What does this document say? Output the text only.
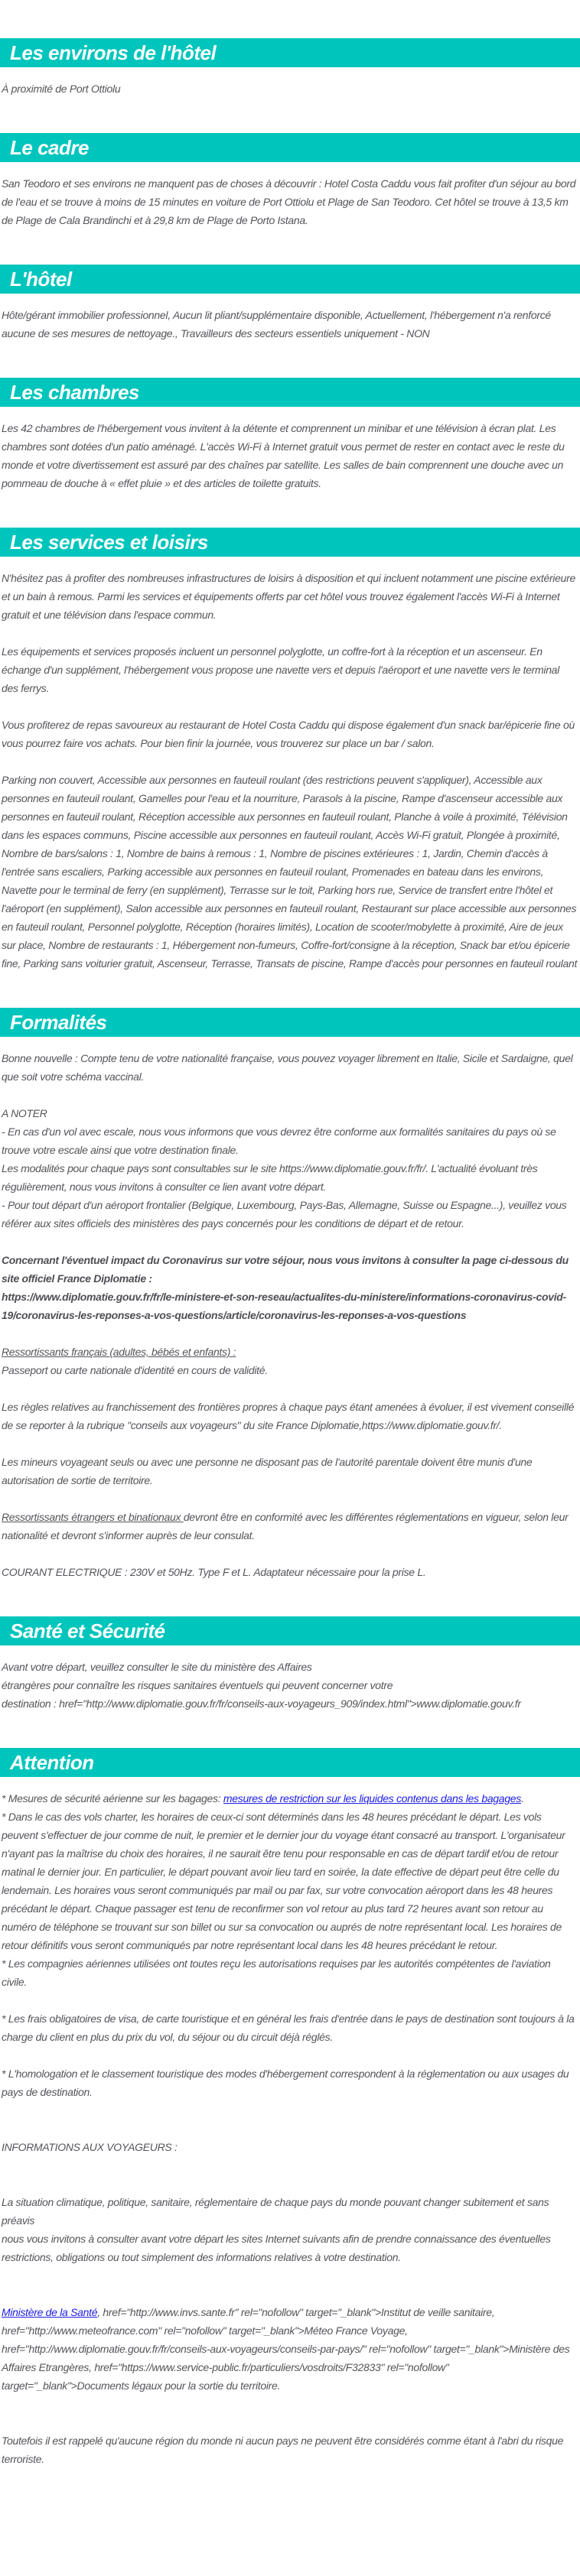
Les environs de l'hôtel

À proximité de Port Ottiolu

Le cadre

San Teodoro et ses environs ne manquent pas de choses à découvrir : Hotel Costa Caddu vous fait profiter d'un séjour au bord de l'eau et se trouve à moins de 15 minutes en voiture de Port Ottiolu et Plage de San Teodoro. Cet hôtel se trouve à 13,5 km de Plage de Cala Brandinchi et à 29,8 km de Plage de Porto Istana.

L'hôtel

Hôte/gérant immobilier professionnel, Aucun lit pliant/supplémentaire disponible, Actuellement, l'hébergement n'a renforcé aucune de ses mesures de nettoyage., Travailleurs des secteurs essentiels uniquement - NON

Les chambres

Les 42 chambres de l'hébergement vous invitent à la détente et comprennent un minibar et une télévision à écran plat. Les chambres sont dotées d'un patio aménagé. L'accès Wi-Fi à Internet gratuit vous permet de rester en contact avec le reste du monde et votre divertissement est assuré par des chaînes par satellite. Les salles de bain comprennent une douche avec un pommeau de douche à « effet pluie » et des articles de toilette gratuits.

Les services et loisirs

N'hésitez pas à profiter des nombreuses infrastructures de loisirs à disposition et qui incluent notamment une piscine extérieure et un bain à remous. Parmi les services et équipements offerts par cet hôtel vous trouvez également l'accès Wi-Fi à Internet gratuit et une télévision dans l'espace commun.

Les équipements et services proposés incluent un personnel polyglotte, un coffre-fort à la réception et un ascenseur. En échange d'un supplément, l'hébergement vous propose une navette vers et depuis l'aéroport et une navette vers le terminal des ferrys.

Vous profiterez de repas savoureux au restaurant de Hotel Costa Caddu qui dispose également d'un snack bar/épicerie fine où vous pourrez faire vos achats. Pour bien finir la journée, vous trouverez sur place un bar / salon.

Parking non couvert, Accessible aux personnes en fauteuil roulant (des restrictions peuvent s'appliquer), Accessible aux personnes en fauteuil roulant, Gamelles pour l'eau et la nourriture, Parasols à la piscine, Rampe d'ascenseur accessible aux personnes en fauteuil roulant, Réception accessible aux personnes en fauteuil roulant, Planche à voile à proximité, Télévision dans les espaces communs, Piscine accessible aux personnes en fauteuil roulant, Accès Wi-Fi gratuit, Plongée à proximité, Nombre de bars/salons : 1, Nombre de bains à remous : 1, Nombre de piscines extérieures : 1, Jardin, Chemin d'accès à l'entrée sans escaliers, Parking accessible aux personnes en fauteuil roulant, Promenades en bateau dans les environs, Navette pour le terminal de ferry (en supplément), Terrasse sur le toit, Parking hors rue, Service de transfert entre l'hôtel et l'aéroport (en supplément), Salon accessible aux personnes en fauteuil roulant, Restaurant sur place accessible aux personnes en fauteuil roulant, Personnel polyglotte, Réception (horaires limités), Location de scooter/mobylette à proximité, Aire de jeux sur place, Nombre de restaurants : 1, Hébergement non-fumeurs, Coffre-fort/consigne à la réception, Snack bar et/ou épicerie fine, Parking sans voiturier gratuit, Ascenseur, Terrasse, Transats de piscine, Rampe d'accès pour personnes en fauteuil roulant

Formalités

Bonne nouvelle : Compte tenu de votre nationalité française, vous pouvez voyager librement en Italie, Sicile et Sardaigne, quel que soit votre schéma vaccinal.

A NOTER
- En cas d'un vol avec escale, nous vous informons que vous devrez être conforme aux formalités sanitaires du pays où se trouve votre escale ainsi que votre destination finale.
Les modalités pour chaque pays sont consultables sur le site https://www.diplomatie.gouv.fr/fr/. L'actualité évoluant très régulièrement, nous vous invitons à consulter ce lien avant votre départ.
- Pour tout départ d'un aéroport frontalier (Belgique, Luxembourg, Pays-Bas, Allemagne, Suisse ou Espagne...), veuillez vous référer aux sites officiels des ministères des pays concernés pour les conditions de départ et de retour.

Concernant l'éventuel impact du Coronavirus sur votre séjour, nous vous invitons à consulter la page ci-dessous du site officiel France Diplomatie :
https://www.diplomatie.gouv.fr/fr/le-ministere-et-son-reseau/actualites-du-ministere/informations-coronavirus-covid-19/coronavirus-les-reponses-a-vos-questions/article/coronavirus-les-reponses-a-vos-questions

Ressortissants français (adultes, bébés et enfants) :
Passeport ou carte nationale d'identité en cours de validité.

Les règles relatives au franchissement des frontières propres à chaque pays étant amenées à évoluer, il est vivement conseillé de se reporter à la rubrique "conseils aux voyageurs" du site France Diplomatie,https://www.diplomatie.gouv.fr/.

Les mineurs voyageant seuls ou avec une personne ne disposant pas de l'autorité parentale doivent être munis d'une autorisation de sortie de territoire.

Ressortissants étrangers et binationaux devront être en conformité avec les différentes réglementations en vigueur, selon leur nationalité et devront s'informer auprès de leur consulat.

COURANT ELECTRIQUE : 230V et 50Hz. Type F et L. Adaptateur nécessaire pour la prise L.

Santé et Sécurité

Avant votre départ, veuillez consulter le site du ministère des Affaires
étrangères pour connaître les risques sanitaires éventuels qui peuvent concerner votre
destination : href="http://www.diplomatie.gouv.fr/fr/conseils-aux-voyageurs_909/index.html">www.diplomatie.gouv.fr

Attention

* Mesures de sécurité aérienne sur les bagages: mesures de restriction sur les liquides contenus dans les bagages.
* Dans le cas des vols charter, les horaires de ceux-ci sont déterminés dans les 48 heures précédant le départ. Les vols peuvent s'effectuer de jour comme de nuit, le premier et le dernier jour du voyage étant consacré au transport. L'organisateur n'ayant pas la maîtrise du choix des horaires, il ne saurait être tenu pour responsable en cas de départ tardif et/ou de retour matinal le dernier jour. En particulier, le départ pouvant avoir lieu tard en soirée, la date effective de départ peut être celle du lendemain. Les horaires vous seront communiqués par mail ou par fax, sur votre convocation aéroport dans les 48 heures précédant le départ. Chaque passager est tenu de reconfirmer son vol retour au plus tard 72 heures avant son retour au numéro de téléphone se trouvant sur son billet ou sur sa convocation ou auprés de notre représentant local. Les horaires de retour définitifs vous seront communiqués par notre représentant local dans les 48 heures précédant le retour.
* Les compagnies aériennes utilisées ont toutes reçu les autorisations requises par les autorités compétentes de l'aviation civile.

* Les frais obligatoires de visa, de carte touristique et en général les frais d'entrée dans le pays de destination sont toujours à la charge du client en plus du prix du vol, du séjour ou du circuit déjà réglés.

* L'homologation et le classement touristique des modes d'hébergement correspondent à la réglementation ou aux usages du pays de destination.

INFORMATIONS AUX VOYAGEURS :

La situation climatique, politique, sanitaire, réglementaire de chaque pays du monde pouvant changer subitement et sans préavis
nous vous invitons à consulter avant votre départ les sites Internet suivants afin de prendre connaissance des éventuelles restrictions, obligations ou tout simplement des informations relatives à votre destination.

Ministère de la Santé, href="http://www.invs.sante.fr" rel="nofollow" target="_blank">Institut de veille sanitaire, href="http://www.meteofrance.com" rel="nofollow" target="_blank">Méteo France Voyage, href="http://www.diplomatie.gouv.fr/fr/conseils-aux-voyageurs/conseils-par-pays/" rel="nofollow" target="_blank">Ministère des Affaires Etrangères, href="https://www.service-public.fr/particuliers/vosdroits/F32833" rel="nofollow" target="_blank">Documents légaux pour la sortie du territoire.

Toutefois il est rappelé qu'aucune région du monde ni aucun pays ne peuvent être considérés comme étant à l'abri du risque terroriste.
